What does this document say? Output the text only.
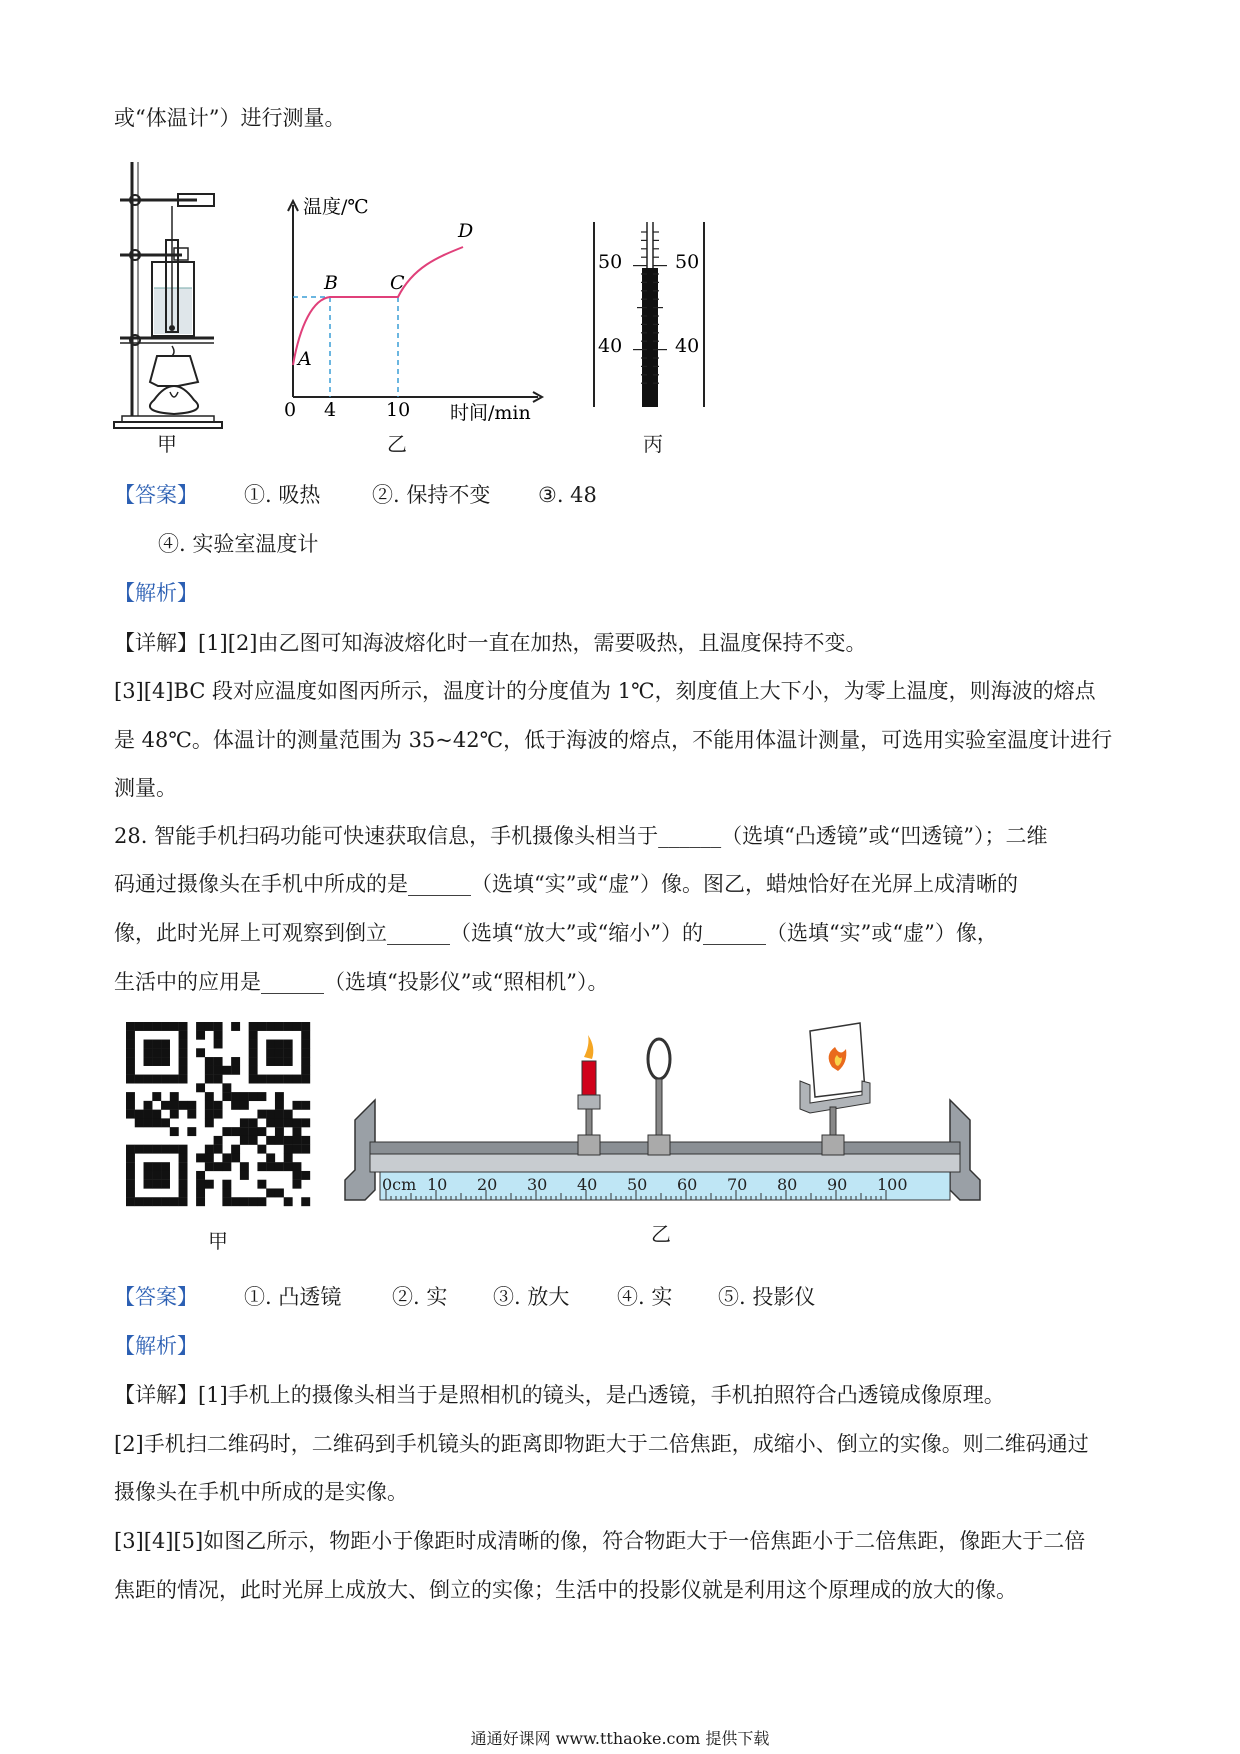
或“体温计”）进行测量。
温度/℃
时间/min
0 4	10
A
B	C
D
50	50
40	40
甲	乙	丙
【答案】 ①. 吸热 ②. 保持不变 ③. 48
④. 实验室温度计
【解析】
【详解】[1][2]由乙图可知海波熔化时一直在加热，需要吸热，且温度保持不变。
[3][4]BC 段对应温度如图丙所示，温度计的分度值为 1℃，刻度值上大下小，为零上温度，则海波的熔点
是 48℃。体温计的测量范围为 35~42℃，低于海波的熔点，不能用体温计测量，可选用实验室温度计进行
测量。
28. 智能手机扫码功能可快速获取信息，手机摄像头相当于______（选填“凸透镜”或“凹透镜”）；二维
码通过摄像头在手机中所成的是______（选填“实”或“虚”）像。图乙，蜡烛恰好在光屏上成清晰的
像，此时光屏上可观察到倒立______（选填“放大”或“缩小”）的______（选填“实”或“虚”）像，
生活中的应用是______（选填“投影仪”或“照相机”）。
0cm 10 20 30 40 50 60 70 80 90 100
甲	乙
【答案】 ①. 凸透镜 ②. 实 ③. 放大 ④. 实 ⑤. 投影仪
【解析】
【详解】[1]手机上的摄像头相当于是照相机的镜头，是凸透镜，手机拍照符合凸透镜成像原理。
[2]手机扫二维码时，二维码到手机镜头的距离即物距大于二倍焦距，成缩小、倒立的实像。则二维码通过
摄像头在手机中所成的是实像。
[3][4][5]如图乙所示，物距小于像距时成清晰的像，符合物距大于一倍焦距小于二倍焦距，像距大于二倍
焦距的情况，此时光屏上成放大、倒立的实像；生活中的投影仪就是利用这个原理成的放大的像。
通通好课网 www.tthaoke.com 提供下载
